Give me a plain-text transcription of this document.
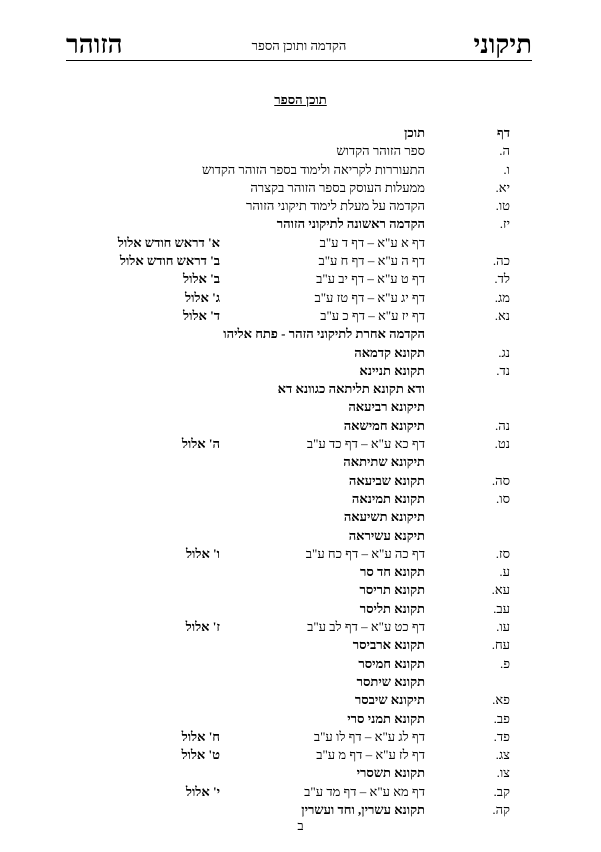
תיקוני
הקדמה ותוכן הספר
הזוהר
תוכן הספר
דף
תוכן
ה.
ספר הזוהר הקדוש
ו.
התעוררות לקריאה ולימוד בספר הזוהר הקדוש
יא.
ממעלות העוסק בספר הזוהר בקצרה
טו.
הקדמה על מעלת לימוד תיקוני הזוהר
יז.
הקדמה ראשונה לתיקוני הזוהר
דף א ע"א – דף ד ע"ב
א' דראש חודש אלול
כה.
דף ה ע"א – דף ח ע"ב
ב' דראש חודש אלול
לד.
דף ט ע"א – דף יב ע"ב
ב' אלול
מג.
דף יג ע"א – דף טז ע"ב
ג' אלול
נא.
דף יז ע"א – דף כ ע"ב
ד' אלול
הקדמה אחרת לתיקוני הזהר - פתח אליהו
נג.
תקונא קדמאה
נד.
תקונא תניינא
ודא תקונא תליתאה כגוונא דא
תיקונא רביעאה
נה.
תיקונא חמישאה
נט.
דף כא ע"א – דף כד ע"ב
ה' אלול
תיקונא שתיתאה
סה.
תקונא שביעאה
סו.
תקונא תמינאה
תיקונא תשיעאה
תיקנא עשיראה
סז.
דף כה ע"א – דף כח ע"ב
ו' אלול
ע.
תקונא חד סר
עא.
תקונא תריסר
עב.
תקונא תליסר
עו.
דף כט ע"א – דף לב ע"ב
ז' אלול
עח.
תקונא ארביסר
פ.
תקונא חמיסר
תקונא שיתסר
פא.
תיקונא שיבסר
פב.
תקונא תמני סרי
פד.
דף לג ע"א – דף לו ע"ב
ח' אלול
צג.
דף לז ע"א – דף מ ע"ב
ט' אלול
צו.
תקונא תשסרי
קב.
דף מא ע"א – דף מד ע"ב
י' אלול
קה.
תקונא עשרין, וחד ועשרין
ב
